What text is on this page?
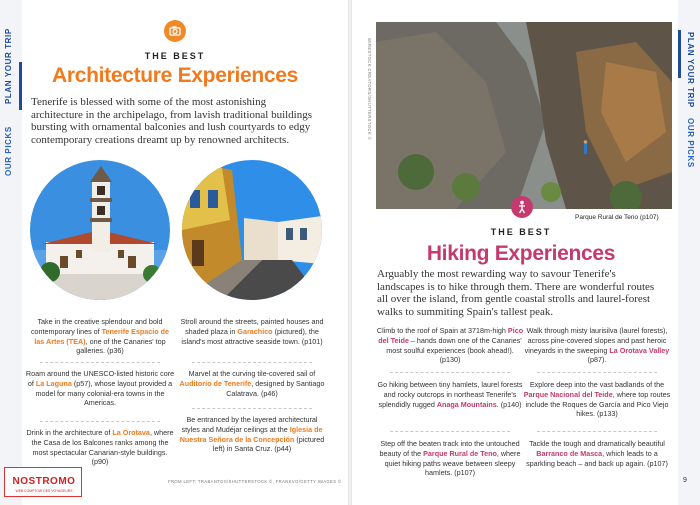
PLAN YOUR TRIP
OUR PICKS
THE BEST
Architecture Experiences
Tenerife is blessed with some of the most astonishing
architecture in the archipelago, from lavish traditional buildings
bursting with ornamental balconies and lush courtyards to edgy
contemporary creations dreamt up by renowned architects.
Take in the creative splendour and bold contemporary lines of Tenerife Espacio de las Artes (TEA), one of the Canaries' top galleries. (p36)
Stroll around the streets, painted houses and shaded plaza in Garachico (pictured), the island's most attractive seaside town. (p101)
Roam around the UNESCO-listed historic core of La Laguna (p57), whose layout provided a model for many colonial-era towns in the Americas.
Marvel at the curving tile-covered sail of Auditorio de Tenerife, designed by Santiago Calatrava. (p46)
Drink in the architecture of La Orotava, where the Casa de los Balcones ranks among the most spectacular Canarian-style buildings. (p90)
Be entranced by the layered architectural styles and Mudéjar ceilings at the Iglesia de Nuestra Señora de la Concepción (pictured left) in Santa Cruz. (p44)
FROM LEFT: TRABANTOS/SHUTTERSTOCK ©, FRANKVG/GETTY IMAGES ©
NOSTROMO
WEB COMPTOIR DES VOYAGEURS
PLAN YOUR TRIP
OUR PICKS
WIRESTOCK CREATORS/SHUTTERSTOCK ©
Parque Rural de Teno (p107)
THE BEST
Hiking Experiences
Arguably the most rewarding way to savour Tenerife's
landscapes is to hike through them. There are wonderful routes
all over the island, from gentle coastal strolls and laurel-forest
walks to summiting Spain's tallest peak.
Climb to the roof of Spain at 3718m-high Pico del Teide – hands down one of the Canaries' most soulful experiences (book ahead!). (p130)
Walk through misty laurisilva (laurel forests), across pine-covered slopes and past heroic vineyards in the sweeping La Orotava Valley (p87).
Go hiking between tiny hamlets, laurel forests and rocky outcrops in northeast Tenerife's splendidly rugged Anaga Mountains. (p140)
Explore deep into the vast badlands of the Parque Nacional del Teide, where top routes include the Roques de García and Pico Viejo hikes. (p133)
Step off the beaten track into the untouched beauty of the Parque Rural de Teno, where quiet hiking paths weave between sleepy hamlets. (p107)
Tackle the tough and dramatically beautiful Barranco de Masca, which leads to a sparkling beach – and back up again. (p107)
9
